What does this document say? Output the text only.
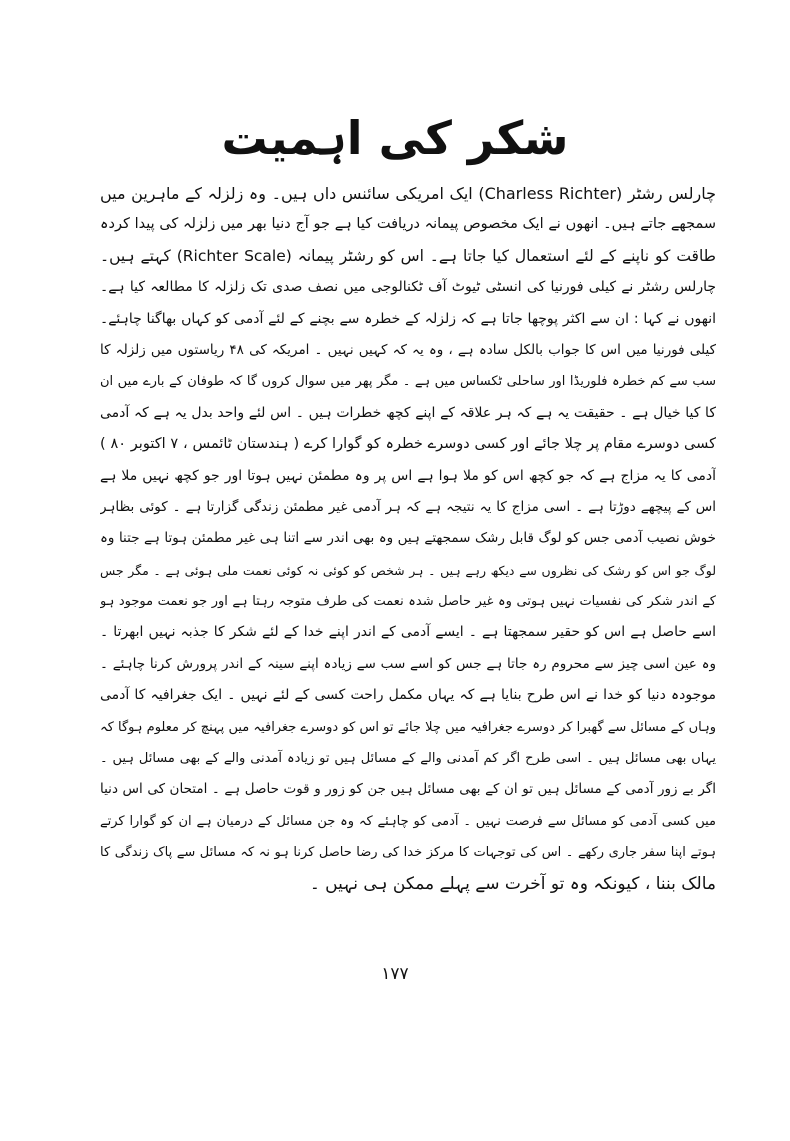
شکر کی اہمیت
چارلس رشٹر (Charless Richter) ایک امریکی سائنس داں ہیں۔ وہ زلزلہ کے ماہرین میں
سمجھے جاتے ہیں۔ انھوں نے ایک مخصوص پیمانہ دریافت کیا ہے جو آج دنیا بھر میں زلزلہ کی پیدا کردہ
طاقت کو ناپنے کے لئے استعمال کیا جاتا ہے۔ اس کو رشٹر پیمانہ (Richter Scale) کہتے ہیں۔
چارلس رشٹر نے کیلی فورنیا کی انسٹی ٹیوٹ آف ٹکنالوجی میں نصف صدی تک زلزلہ کا مطالعہ کیا ہے۔
انھوں نے کہا : ان سے اکثر پوچھا جاتا ہے کہ زلزلہ کے خطرہ سے بچنے کے لئے آدمی کو کہاں بھاگنا چاہئے۔
کیلی فورنیا میں اس کا جواب بالکل سادہ ہے ، وہ یہ کہ کہیں نہیں ۔ امریکہ کی ۴۸ ریاستوں میں زلزلہ کا
سب سے کم خطرہ فلوریڈا اور ساحلی ٹکساس میں ہے ۔ مگر پھر میں سوال کروں گا کہ طوفان کے بارے میں ان
کا کیا خیال ہے ۔ حقیقت یہ ہے کہ ہر علاقہ کے اپنے کچھ خطرات ہیں ۔ اس لئے واحد بدل یہ ہے کہ آدمی
کسی دوسرے مقام پر چلا جائے اور کسی دوسرے خطرہ کو گوارا کرے ( ہندستان ٹائمس ، ۷ اکتوبر ۸۰ )
آدمی کا یہ مزاج ہے کہ جو کچھ اس کو ملا ہوا ہے اس پر وہ مطمئن نہیں ہوتا اور جو کچھ نہیں ملا ہے
اس کے پیچھے دوڑتا ہے ۔ اسی مزاج کا یہ نتیجہ ہے کہ ہر آدمی غیر مطمئن زندگی گزارتا ہے ۔ کوئی بظاہر
خوش نصیب آدمی جس کو لوگ قابل رشک سمجھتے ہیں وہ بھی اندر سے اتنا ہی غیر مطمئن ہوتا ہے جتنا وہ
لوگ جو اس کو رشک کی نظروں سے دیکھ رہے ہیں ۔ ہر شخص کو کوئی نہ کوئی نعمت ملی ہوئی ہے ۔ مگر جس
کے اندر شکر کی نفسیات نہیں ہوتی وہ غیر حاصل شدہ نعمت کی طرف متوجہ رہتا ہے اور جو نعمت موجود ہو
اسے حاصل ہے اس کو حقیر سمجھتا ہے ۔ ایسے آدمی کے اندر اپنے خدا کے لئے شکر کا جذبہ نہیں ابھرتا ۔
وہ عین اسی چیز سے محروم رہ جاتا ہے جس کو اسے سب سے زیادہ اپنے سینہ کے اندر پرورش کرنا چاہئے ۔
موجودہ دنیا کو خدا نے اس طرح بنایا ہے کہ یہاں مکمل راحت کسی کے لئے نہیں ۔ ایک جغرافیہ کا آدمی
وہاں کے مسائل سے گھبرا کر دوسرے جغرافیہ میں چلا جائے تو اس کو دوسرے جغرافیہ میں پہنچ کر معلوم ہوگا کہ
یہاں بھی مسائل ہیں ۔ اسی طرح اگر کم آمدنی والے کے مسائل ہیں تو زیادہ آمدنی والے کے بھی مسائل ہیں ۔
اگر بے زور آدمی کے مسائل ہیں تو ان کے بھی مسائل ہیں جن کو زور و قوت حاصل ہے ۔ امتحان کی اس دنیا
میں کسی آدمی کو مسائل سے فرصت نہیں ۔ آدمی کو چاہئے کہ وہ جن مسائل کے درمیان ہے ان کو گوارا کرتے
ہوتے اپنا سفر جاری رکھے ۔ اس کی توجہات کا مرکز خدا کی رضا حاصل کرنا ہو نہ کہ مسائل سے پاک زندگی کا
مالک بننا ، کیونکہ وہ تو آخرت سے پہلے ممکن ہی نہیں ۔
۱۷۷
